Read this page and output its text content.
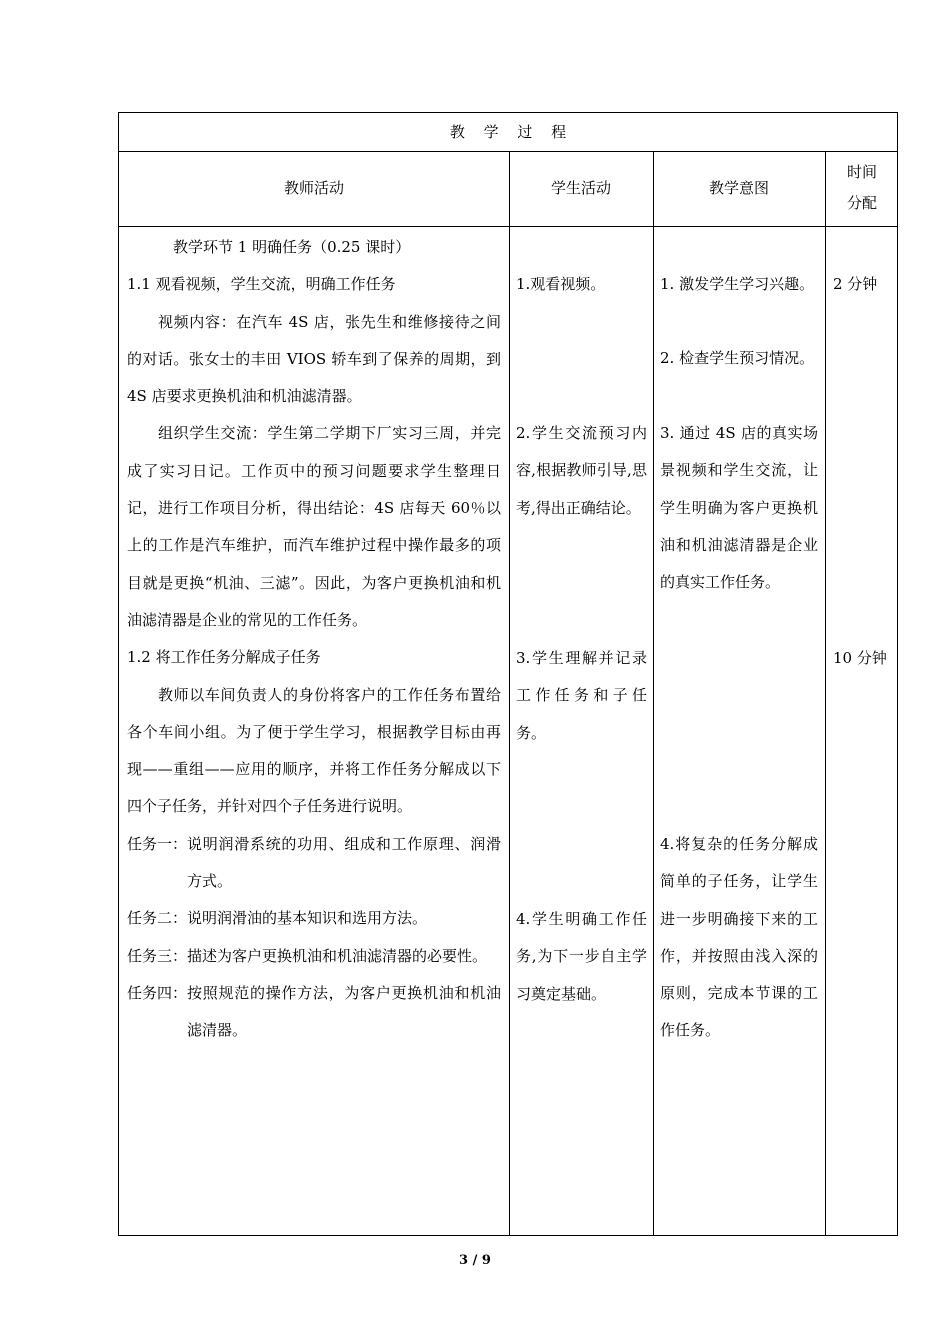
教 学 过 程
教师活动	学生活动	教学意图
时间
分配

教学环节 1 明确任务（0.25 课时）

1.1 观看视频，学生交流，明确工作任务

视频内容：在汽车 4S 店，张先生和维修接待之间的对话。张女士的丰田 VIOS 轿车到了保养的周期，到 4S 店要求更换机油和机油滤清器。

组织学生交流：学生第二学期下厂实习三周，并完成了实习日记。工作页中的预习问题要求学生整理日记，进行工作项目分析，得出结论：4S 店每天 60％以上的工作是汽车维护，而汽车维护过程中操作最多的项目就是更换“机油、三滤”。因此，为客户更换机油和机油滤清器是企业的常见的工作任务。

1.2 将工作任务分解成子任务

教师以车间负责人的身份将客户的工作任务布置给各个车间小组。为了便于学生学习，根据教学目标由再现——重组——应用的顺序，并将工作任务分解成以下四个子任务，并针对四个子任务进行说明。

任务一： 说明润滑系统的功用、组成和工作原理、润滑方式。
任务二： 说明润滑油的基本知识和选用方法。
任务三： 描述为客户更换机油和机油滤清器的必要性。
任务四： 按照规范的操作方法，为客户更换机油和机油滤清器。
1.观看视频。
2.学生交流预习内容,根据教师引导,思考,得出正确结论。
3.学生理解并记录工作任务和子任务。
4.学生明确工作任务,为下一步自主学习奠定基础。
1. 激发学生学习兴趣。
2. 检查学生预习情况。
3. 通过 4S 店的真实场景视频和学生交流，让学生明确为客户更换机油和机油滤清器是企业的真实工作任务。
4.将复杂的任务分解成简单的子任务，让学生进一步明确接下来的工作，并按照由浅入深的原则，完成本节课的工作任务。
2 分钟
10 分钟
3 / 9
